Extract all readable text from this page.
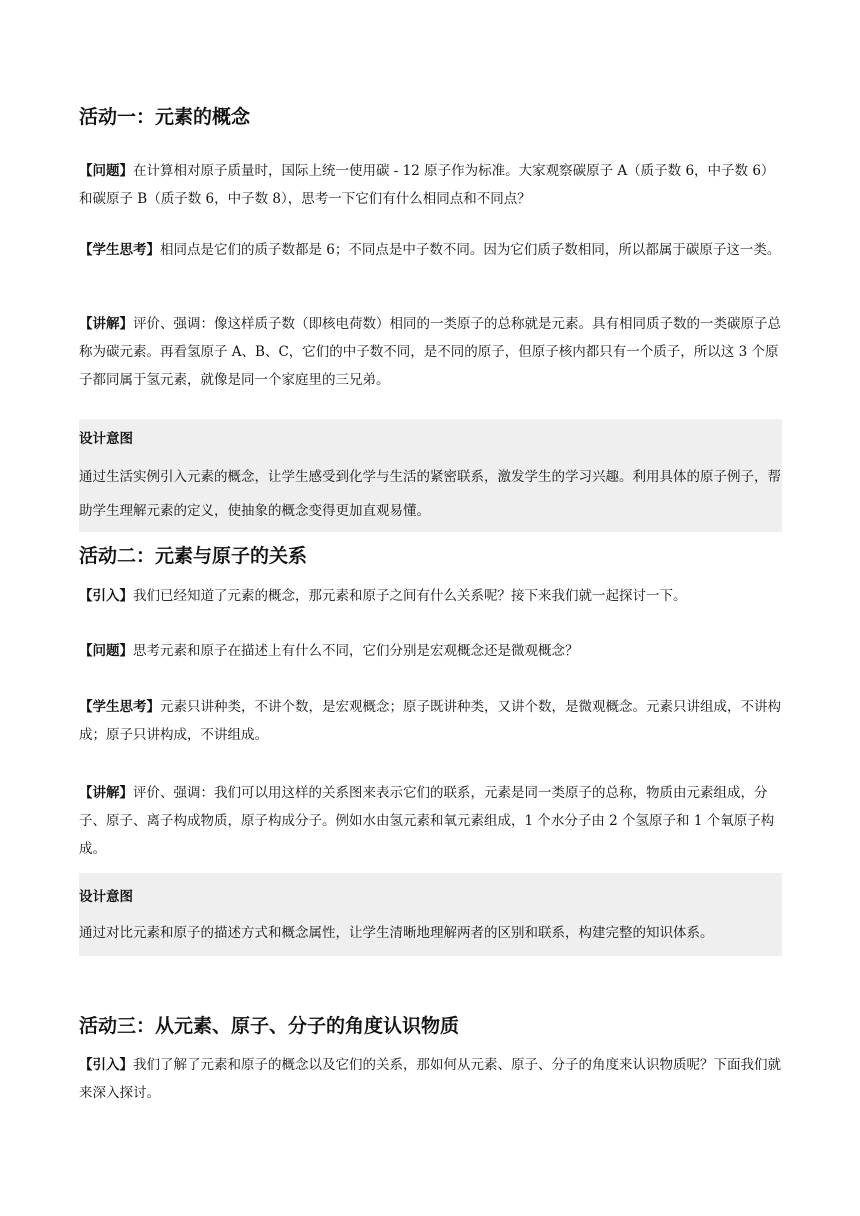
活动一：元素的概念

【问题】在计算相对原子质量时，国际上统一使用碳 - 12 原子作为标准。大家观察碳原子 A（质子数 6，中子数 6）和碳原子 B（质子数 6，中子数 8），思考一下它们有什么相同点和不同点？

【学生思考】相同点是它们的质子数都是 6；不同点是中子数不同。因为它们质子数相同，所以都属于碳原子这一类。

【讲解】评价、强调：像这样质子数（即核电荷数）相同的一类原子的总称就是元素。具有相同质子数的一类碳原子总称为碳元素。再看氢原子 A、B、C，它们的中子数不同，是不同的原子，但原子核内都只有一个质子，所以这 3 个原子都同属于氢元素，就像是同一个家庭里的三兄弟。

设计意图
通过生活实例引入元素的概念，让学生感受到化学与生活的紧密联系，激发学生的学习兴趣。利用具体的原子例子，帮助学生理解元素的定义，使抽象的概念变得更加直观易懂。
活动二：元素与原子的关系

【引入】我们已经知道了元素的概念，那元素和原子之间有什么关系呢？接下来我们就一起探讨一下。

【问题】思考元素和原子在描述上有什么不同，它们分别是宏观概念还是微观概念？

【学生思考】元素只讲种类，不讲个数，是宏观概念；原子既讲种类，又讲个数，是微观概念。元素只讲组成，不讲构成；原子只讲构成，不讲组成。

【讲解】评价、强调：我们可以用这样的关系图来表示它们的联系，元素是同一类原子的总称，物质由元素组成，分子、原子、离子构成物质，原子构成分子。例如水由氢元素和氧元素组成，1 个水分子由 2 个氢原子和 1 个氧原子构成。

设计意图
通过对比元素和原子的描述方式和概念属性，让学生清晰地理解两者的区别和联系，构建完整的知识体系。
活动三：从元素、原子、分子的角度认识物质

【引入】我们了解了元素和原子的概念以及它们的关系，那如何从元素、原子、分子的角度来认识物质呢？下面我们就来深入探讨。
